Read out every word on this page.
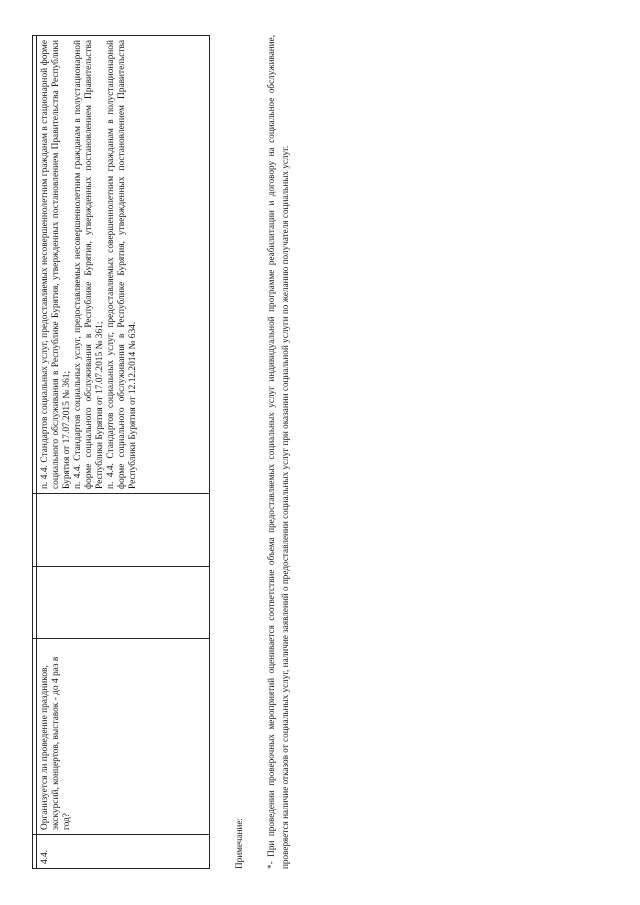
4.4.	Организуется ли проведение праздников, экскурсий, концертов, выставок - до 4 раз в год?			п. 4.4. Стандартов социальных услуг, предоставляемых несовершеннолетним гражданам в стационарной форме социального обслуживания в Республике Бурятия, утвержденных постановлением Правительства Республики Бурятия от 17.07.2015 № 361; п. 4.4. Стандартов социальных услуг, предоставляемых несовершеннолетним гражданам в полустационарной форме социального обслуживания в Республике Бурятия, утвержденных постановлением Правительства Республики Бурятия от 17.07.2015 № 361; п. 4.4. Стандартов социальных услуг, предоставляемых совершеннолетним гражданам в полустационарной форме социального обслуживания в Республике Бурятия, утвержденных постановлением Правительства Республики Бурятия от 12.12.2014 № 634.

Примечание: *- При проведении проверочных мероприятий оценивается соответствие объема предоставляемых социальных услуг индивидуальной программе реабилитации и договору на социальное обслуживание, проверяется наличие отказов от социальных услуг, наличие заявлений о предоставлении социальных услуг при оказании социальной услуги по желанию получателя социальных услуг.
